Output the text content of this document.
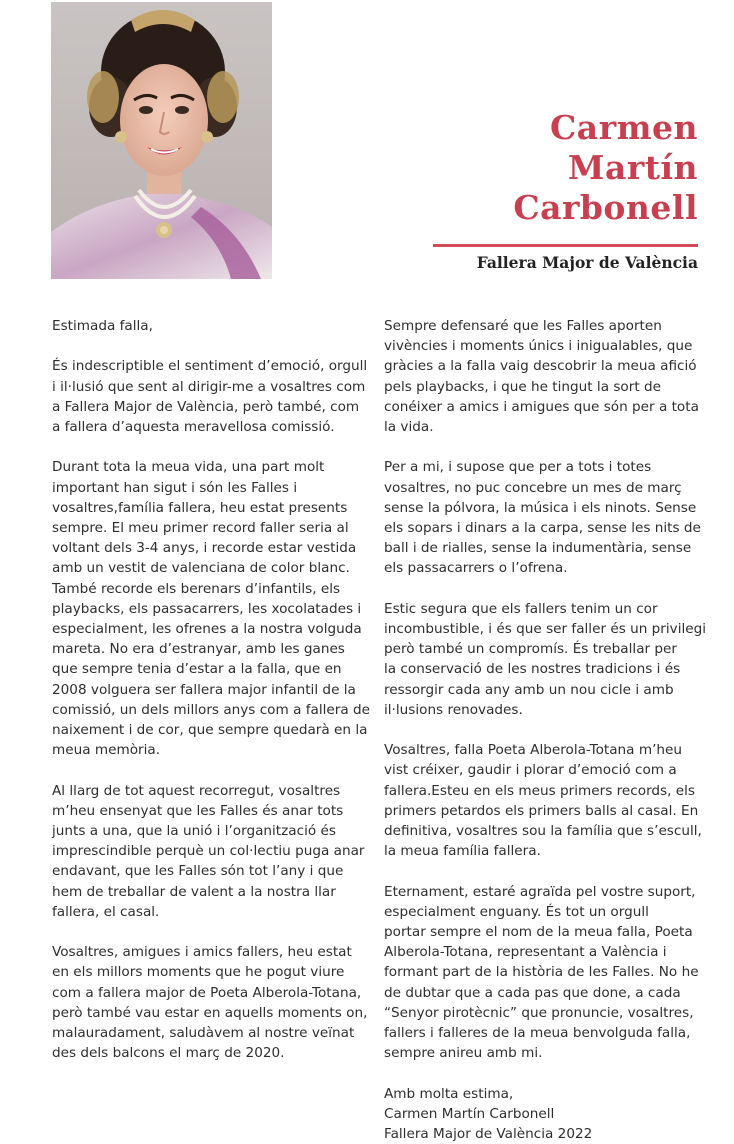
Carmen
Martín
Carbonell
Fallera Major de València
Estimada falla,
És indescriptible el sentiment d’emoció, orgull
i il·lusió que sent al dirigir-me a vosaltres com
a Fallera Major de València, però també, com
a fallera d’aquesta meravellosa comissió.
Durant tota la meua vida, una part molt
important han sigut i són les Falles i
vosaltres,família fallera, heu estat presents
sempre. El meu primer record faller seria al
voltant dels 3-4 anys, i recorde estar vestida
amb un vestit de valenciana de color blanc.
També recorde els berenars d’infantils, els
playbacks, els passacarrers, les xocolatades i
especialment, les ofrenes a la nostra volguda
mareta. No era d’estranyar, amb les ganes
que sempre tenia d’estar a la falla, que en
2008 volguera ser fallera major infantil de la
comissió, un dels millors anys com a fallera de
naixement i de cor, que sempre quedarà en la
meua memòria.
Al llarg de tot aquest recorregut, vosaltres
m’heu ensenyat que les Falles és anar tots
junts a una, que la unió i l’organització és
imprescindible perquè un col·lectiu puga anar
endavant, que les Falles són tot l’any i que
hem de treballar de valent a la nostra llar
fallera, el casal.
Vosaltres, amigues i amics fallers, heu estat
en els millors moments que he pogut viure
com a fallera major de Poeta Alberola-Totana,
però també vau estar en aquells moments on,
malauradament, saludàvem al nostre veïnat
des dels balcons el març de 2020.
Sempre defensaré que les Falles aporten
vivències i moments únics i inigualables, que
gràcies a la falla vaig descobrir la meua afició
pels playbacks, i que he tingut la sort de
conéixer a amics i amigues que són per a tota
la vida.
Per a mi, i supose que per a tots i totes
vosaltres, no puc concebre un mes de març
sense la pólvora, la música i els ninots. Sense
els sopars i dinars a la carpa, sense les nits de
ball i de rialles, sense la indumentària, sense
els passacarrers o l’ofrena.
Estic segura que els fallers tenim un cor
incombustible, i és que ser faller és un privilegi
però també un compromís. És treballar per
la conservació de les nostres tradicions i és
ressorgir cada any amb un nou cicle i amb
il·lusions renovades.
Vosaltres, falla Poeta Alberola-Totana m’heu
vist créixer, gaudir i plorar d’emoció com a
fallera.Esteu en els meus primers records, els
primers petardos els primers balls al casal. En
definitiva, vosaltres sou la família que s’escull,
la meua família fallera.
Eternament, estaré agraïda pel vostre suport,
especialment enguany. És tot un orgull
portar sempre el nom de la meua falla, Poeta
Alberola-Totana, representant a València i
formant part de la història de les Falles. No he
de dubtar que a cada pas que done, a cada
“Senyor pirotècnic” que pronuncie, vosaltres,
fallers i falleres de la meua benvolguda falla,
sempre anireu amb mi.
Amb molta estima,
Carmen Martín Carbonell
Fallera Major de València 2022
